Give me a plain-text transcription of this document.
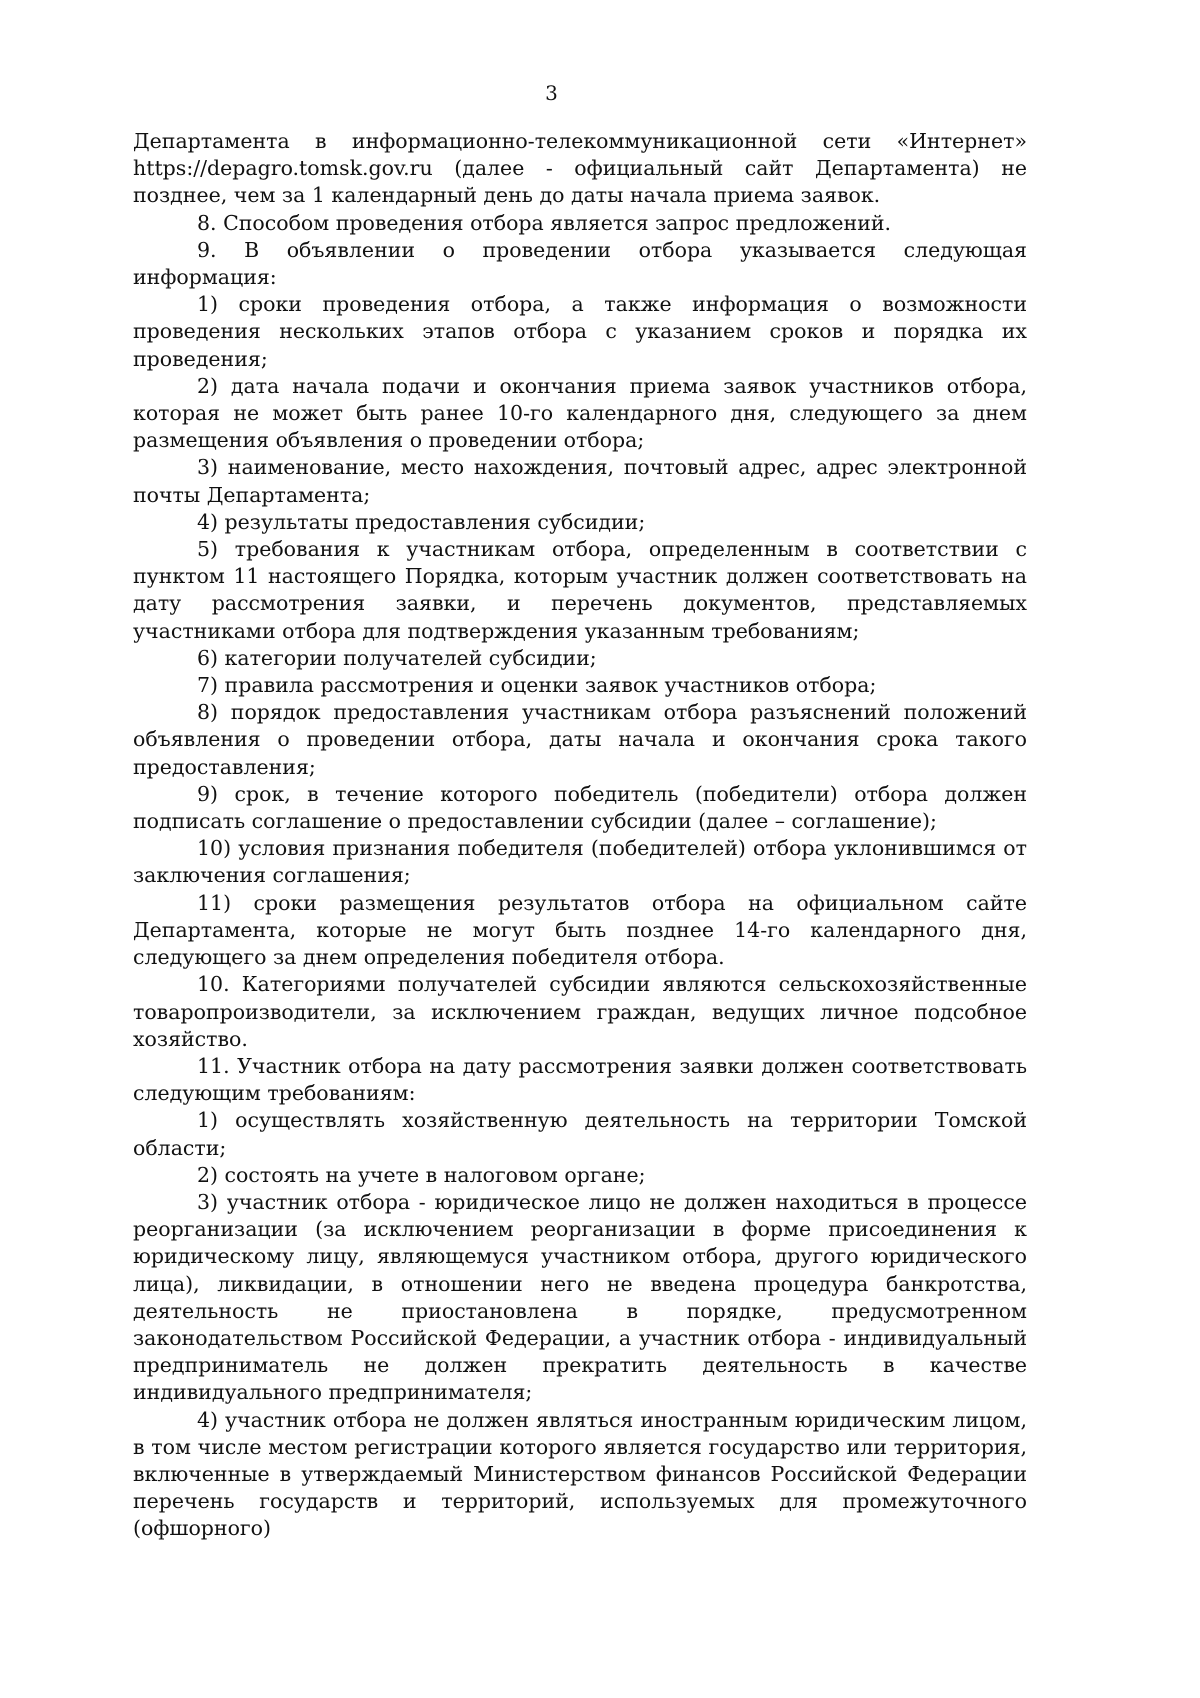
3

Департамента в информационно-телекоммуникационной сети «Интернет» https://depagro.tomsk.gov.ru (далее - официальный сайт Департамента) не позднее, чем за 1 календарный день до даты начала приема заявок.

8. Способом проведения отбора является запрос предложений.

9. В объявлении о проведении отбора указывается следующая информация:

1) сроки проведения отбора, а также информация о возможности проведения нескольких этапов отбора с указанием сроков и порядка их проведения;

2) дата начала подачи и окончания приема заявок участников отбора, которая не может быть ранее 10-го календарного дня, следующего за днем размещения объявления о проведении отбора;

3) наименование, место нахождения, почтовый адрес, адрес электронной почты Департамента;

4) результаты предоставления субсидии;

5) требования к участникам отбора, определенным в соответствии с пунктом 11 настоящего Порядка, которым участник должен соответствовать на дату рассмотрения заявки, и перечень документов, представляемых участниками отбора для подтверждения указанным требованиям;

6) категории получателей субсидии;

7) правила рассмотрения и оценки заявок участников отбора;

8) порядок предоставления участникам отбора разъяснений положений объявления о проведении отбора, даты начала и окончания срока такого предоставления;

9) срок, в течение которого победитель (победители) отбора должен подписать соглашение о предоставлении субсидии (далее – соглашение);

10) условия признания победителя (победителей) отбора уклонившимся от заключения соглашения;

11) сроки размещения результатов отбора на официальном сайте Департамента, которые не могут быть позднее 14-го календарного дня, следующего за днем определения победителя отбора.

10. Категориями получателей субсидии являются сельскохозяйственные товаропроизводители, за исключением граждан, ведущих личное подсобное хозяйство.

11. Участник отбора на дату рассмотрения заявки должен соответствовать следующим требованиям:

1) осуществлять хозяйственную деятельность на территории Томской области;

2) состоять на учете в налоговом органе;

3) участник отбора - юридическое лицо не должен находиться в процессе реорганизации (за исключением реорганизации в форме присоединения к юридическому лицу, являющемуся участником отбора, другого юридического лица), ликвидации, в отношении него не введена процедура банкротства, деятельность не приостановлена в порядке, предусмотренном законодательством Российской Федерации, а участник отбора - индивидуальный предприниматель не должен прекратить деятельность в качестве индивидуального предпринимателя;

4) участник отбора не должен являться иностранным юридическим лицом, в том числе местом регистрации которого является государство или территория, включенные в утверждаемый Министерством финансов Российской Федерации перечень государств и территорий, используемых для промежуточного (офшорного)
